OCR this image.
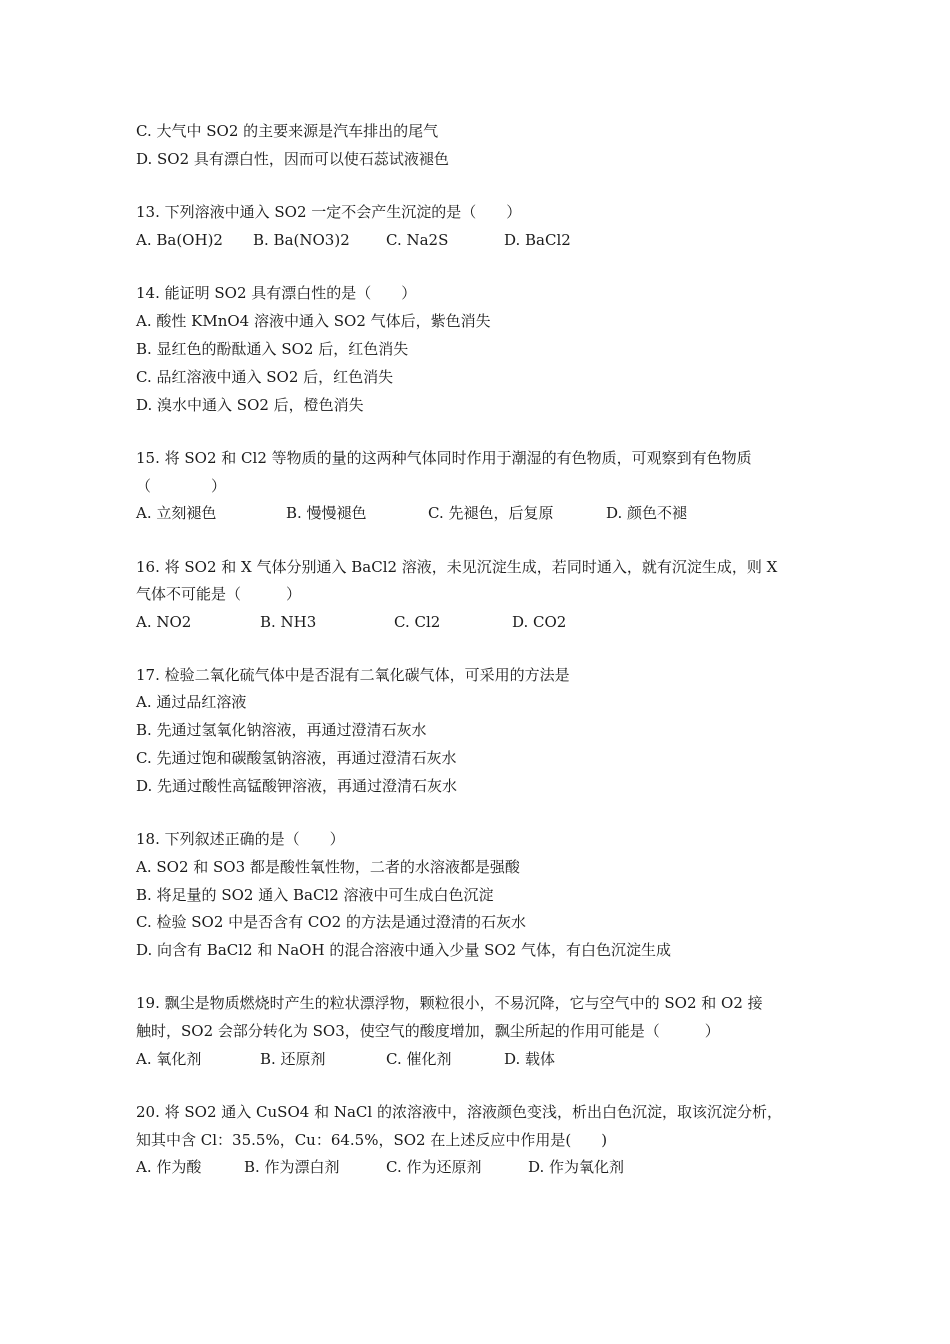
C. 大气中 SO2 的主要来源是汽车排出的尾气
D. SO2 具有漂白性，因而可以使石蕊试液褪色
13. 下列溶液中通入 SO2 一定不会产生沉淀的是（　　）
A. Ba(OH)2 B. Ba(NO3)2 C. Na2S	D. BaCl2
14. 能证明 SO2 具有漂白性的是（　　）
A. 酸性 KMnO4 溶液中通入 SO2 气体后，紫色消失
B. 显红色的酚酞通入 SO2 后，红色消失
C. 品红溶液中通入 SO2 后，红色消失
D. 溴水中通入 SO2 后，橙色消失
15. 将 SO2 和 Cl2 等物质的量的这两种气体同时作用于潮湿的有色物质，可观察到有色物质
（　　　　）
A. 立刻褪色	B. 慢慢褪色	C. 先褪色，后复原	D. 颜色不褪
16. 将 SO2 和 X 气体分别通入 BaCl2 溶液，未见沉淀生成，若同时通入，就有沉淀生成，则 X
气体不可能是（　　　）
A. NO2	B. NH3	C. Cl2	D. CO2
17. 检验二氧化硫气体中是否混有二氧化碳气体，可采用的方法是
A. 通过品红溶液
B. 先通过氢氧化钠溶液，再通过澄清石灰水
C. 先通过饱和碳酸氢钠溶液，再通过澄清石灰水
D. 先通过酸性高锰酸钾溶液，再通过澄清石灰水
18. 下列叙述正确的是（　　）
A. SO2 和 SO3 都是酸性氧性物，二者的水溶液都是强酸
B. 将足量的 SO2 通入 BaCl2 溶液中可生成白色沉淀
C. 检验 SO2 中是否含有 CO2 的方法是通过澄清的石灰水
D. 向含有 BaCl2 和 NaOH 的混合溶液中通入少量 SO2 气体，有白色沉淀生成
19. 飘尘是物质燃烧时产生的粒状漂浮物，颗粒很小，不易沉降，它与空气中的 SO2 和 O2 接
触时，SO2 会部分转化为 SO3，使空气的酸度增加，飘尘所起的作用可能是（　　　）
A. 氧化剂	B. 还原剂	C. 催化剂	D. 载体
20. 将 SO2 通入 CuSO4 和 NaCl 的浓溶液中，溶液颜色变浅，析出白色沉淀，取该沉淀分析，
知其中含 Cl：35.5%，Cu：64.5%，SO2 在上述反应中作用是(　　)
A. 作为酸	B. 作为漂白剂	C. 作为还原剂	D. 作为氧化剂
